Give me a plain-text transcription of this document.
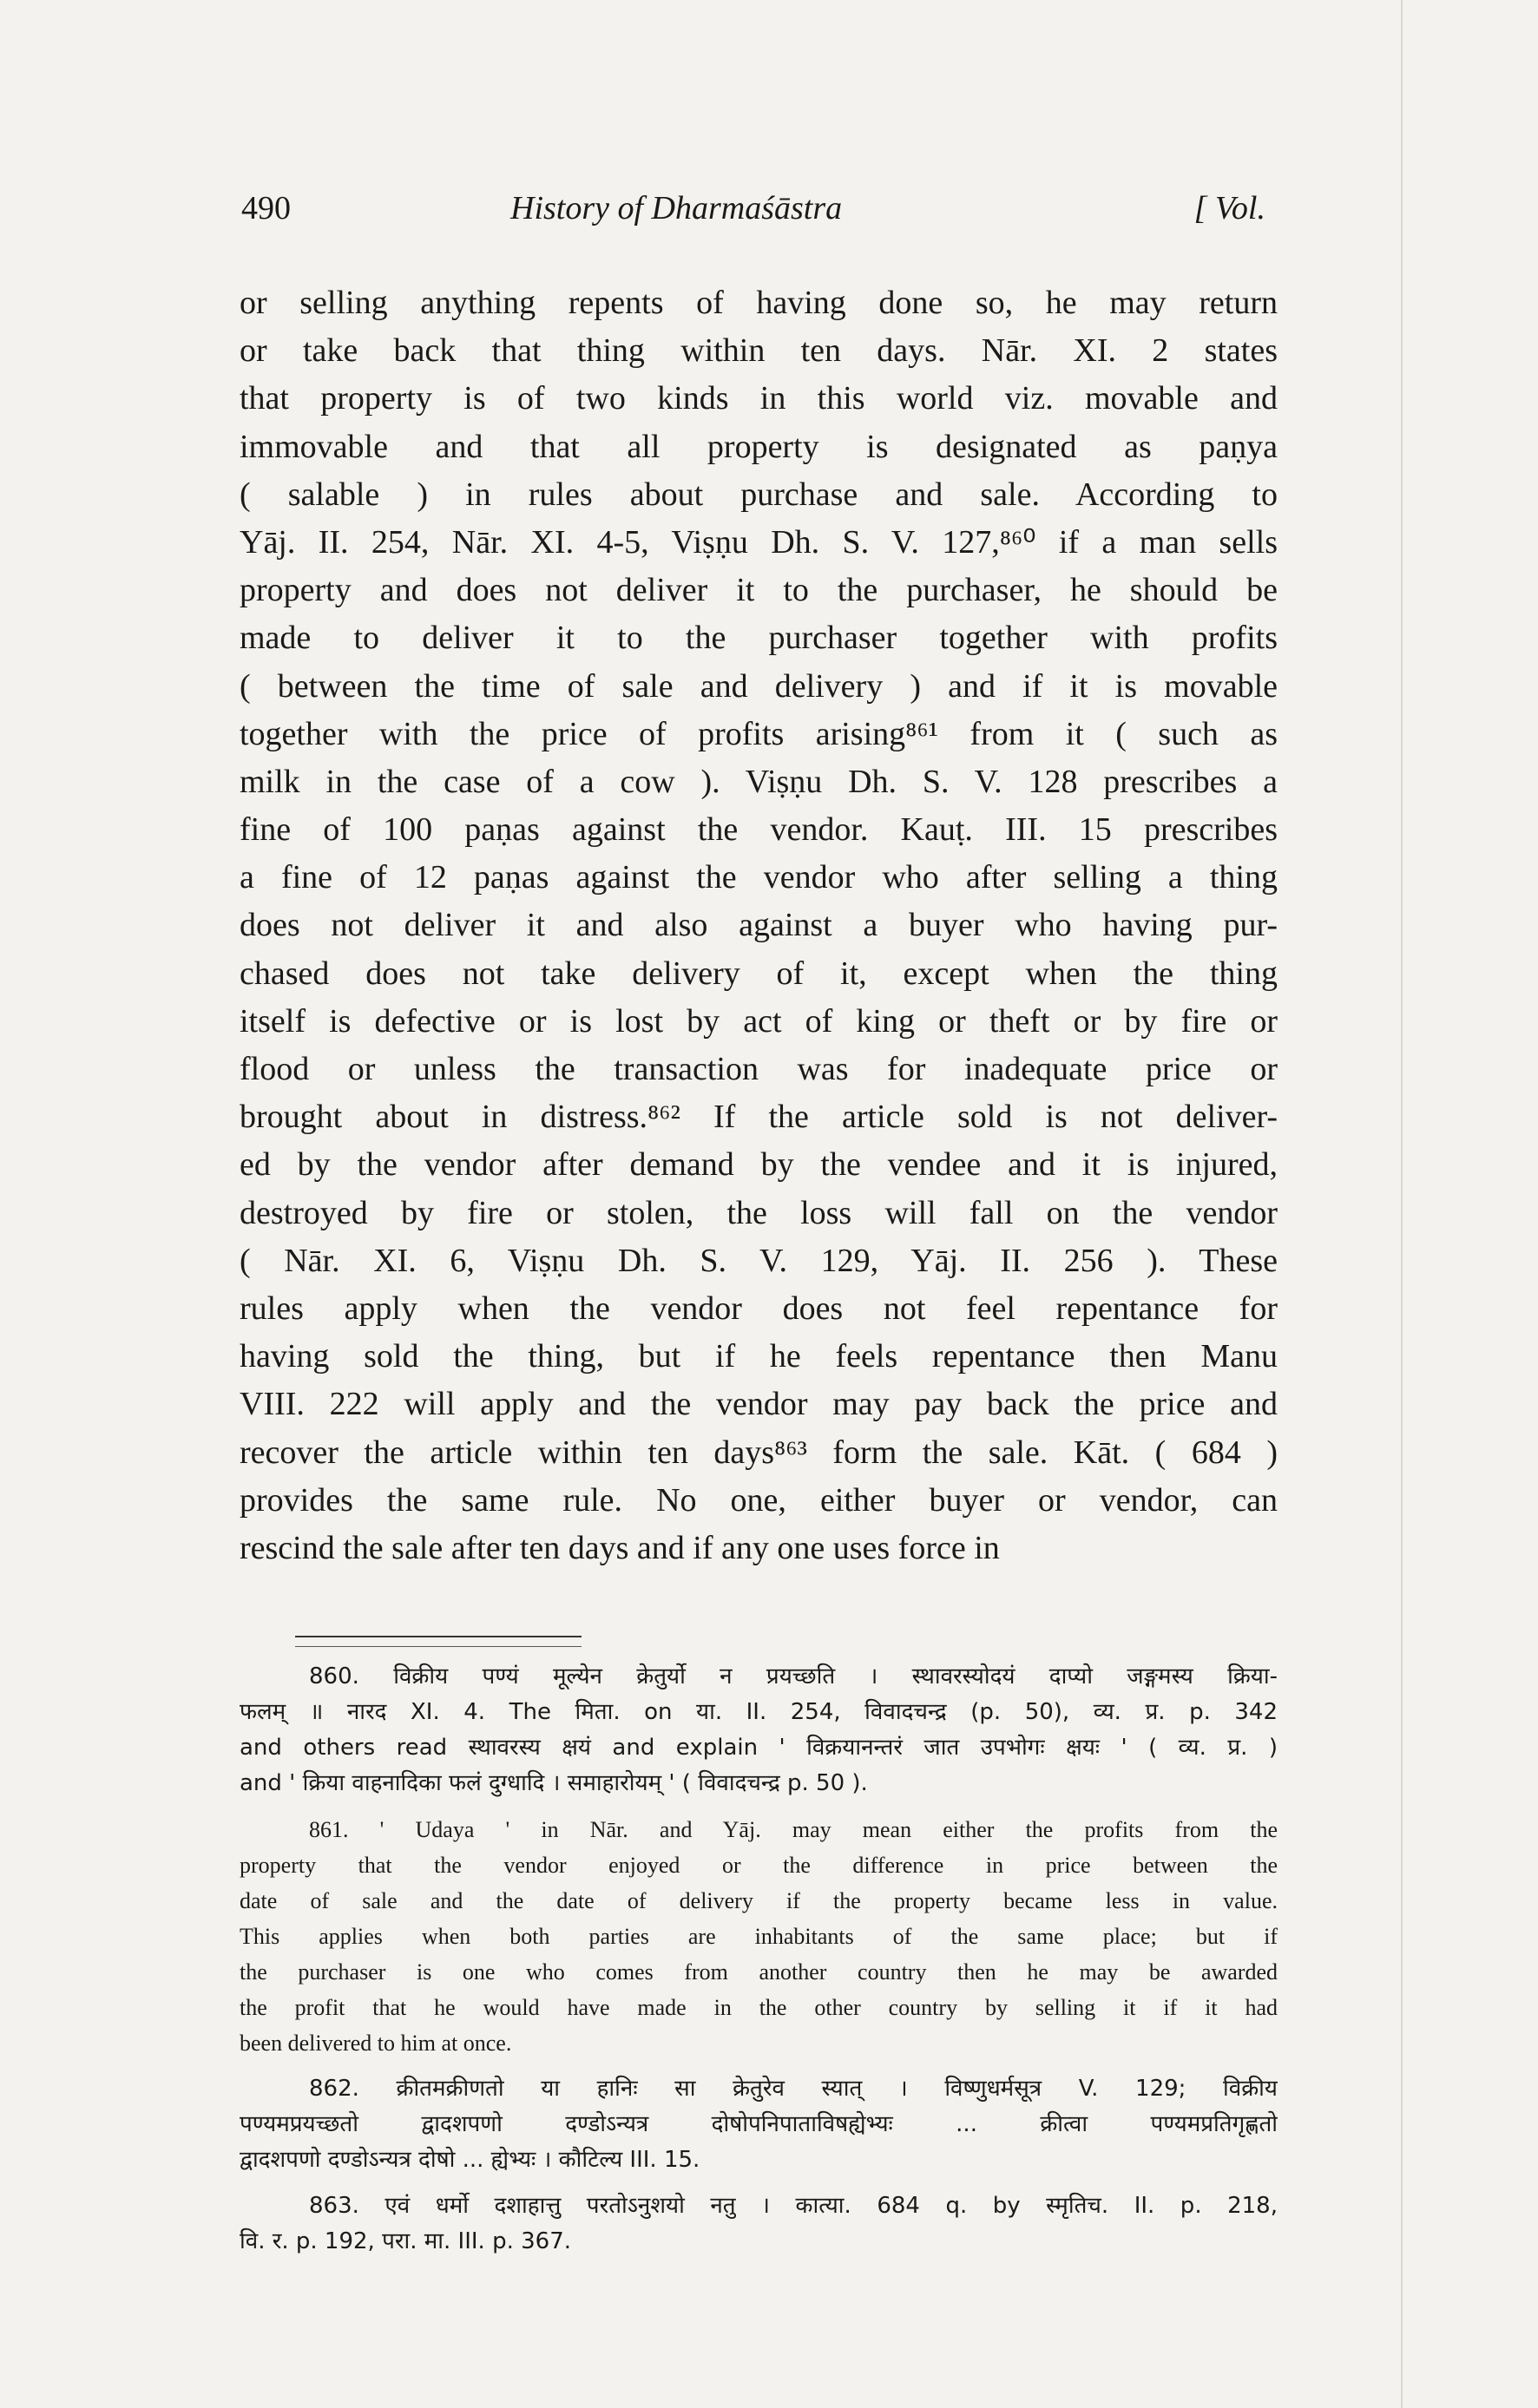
490	History of Dharmaśāstra	[ Vol.
or selling anything repents of having done so, he may return
or take back that thing within ten days. Nār. XI. 2 states
that property is of two kinds in this world viz. movable and
immovable and that all property is designated as paṇya
( salable ) in rules about purchase and sale. According to
Yāj. II. 254, Nār. XI. 4-5, Viṣṇu Dh. S. V. 127,⁸⁶⁰ if a man sells
property and does not deliver it to the purchaser, he should be
made to deliver it to the purchaser together with profits
( between the time of sale and delivery ) and if it is movable
together with the price of profits arising⁸⁶¹ from it ( such as
milk in the case of a cow ). Viṣṇu Dh. S. V. 128 prescribes a
fine of 100 paṇas against the vendor. Kauṭ. III. 15 prescribes
a fine of 12 paṇas against the vendor who after selling a thing
does not deliver it and also against a buyer who having pur-
chased does not take delivery of it, except when the thing
itself is defective or is lost by act of king or theft or by fire or
flood or unless the transaction was for inadequate price or
brought about in distress.⁸⁶² If the article sold is not deliver-
ed by the vendor after demand by the vendee and it is injured,
destroyed by fire or stolen, the loss will fall on the vendor
( Nār. XI. 6, Viṣṇu Dh. S. V. 129, Yāj. II. 256 ). These
rules apply when the vendor does not feel repentance for
having sold the thing, but if he feels repentance then Manu
VIII. 222 will apply and the vendor may pay back the price and
recover the article within ten days⁸⁶³ form the sale. Kāt. ( 684 )
provides the same rule. No one, either buyer or vendor, can
rescind the sale after ten days and if any one uses force in
860. विक्रीय पण्यं मूल्येन क्रेतुर्यो न प्रयच्छति । स्थावरस्योदयं दाप्यो जङ्गमस्य क्रिया-
फलम् ॥ नारद XI. 4. The मिता. on या. II. 254, विवादचन्द्र (p. 50), व्य. प्र. p. 342
and others read स्थावरस्य क्षयं and explain ' विक्रयानन्तरं जात उपभोगः क्षयः ' ( व्य. प्र. )
and ' क्रिया वाहनादिका फलं दुग्धादि । समाहारोयम् ' ( विवादचन्द्र p. 50 ).
861. ' Udaya ' in Nār. and Yāj. may mean either the profits from the
property that the vendor enjoyed or the difference in price between the
date of sale and the date of delivery if the property became less in value.
This applies when both parties are inhabitants of the same place; but if
the purchaser is one who comes from another country then he may be awarded
the profit that he would have made in the other country by selling it if it had
been delivered to him at once.
862. क्रीतमक्रीणतो या हानिः सा क्रेतुरेव स्यात् । विष्णुधर्मसूत्र V. 129; विक्रीय
पण्यमप्रयच्छतो द्वादशपणो दण्डोऽन्यत्र दोषोपनिपाताविषह्येभ्यः ... क्रीत्वा पण्यमप्रतिगृह्णतो
द्वादशपणो दण्डोऽन्यत्र दोषो ... ह्येभ्यः । कौटिल्य III. 15.
863. एवं धर्मो दशाहात्तु परतोऽनुशयो नतु । कात्या. 684 q. by स्मृतिच. II. p. 218,
वि. र. p. 192, परा. मा. III. p. 367.
